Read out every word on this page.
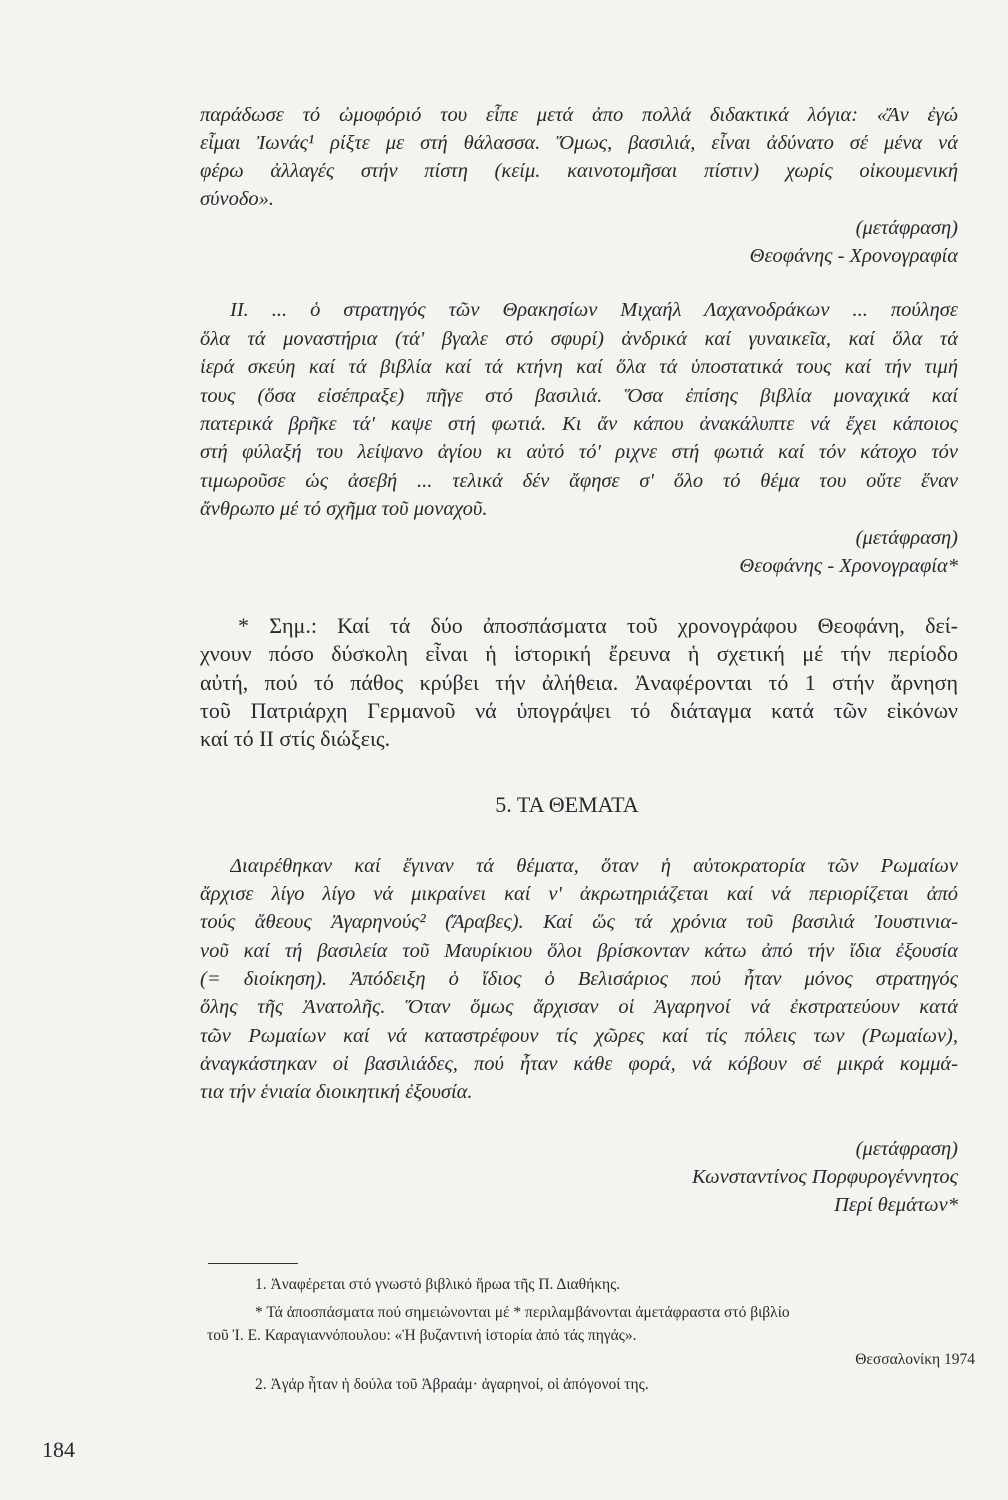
παράδωσε τό ὠμοφόριό του εἶπε μετά ἀπο πολλά διδακτικά λόγια: «Ἄν ἐγώ
εἶμαι Ἰωνάς¹ ρίξτε με στή θάλασσα. Ὅμως, βασιλιά, εἶναι ἀδύνατο σέ μένα νά
φέρω ἀλλαγές στήν πίστη (κείμ. καινοτομῆσαι πίστιν) χωρίς οἰκουμενική
σύνοδο».
(μετάφραση)
Θεοφάνης - Χρονογραφία
II. ... ὁ στρατηγός τῶν Θρακησίων Μιχαήλ Λαχανοδράκων ... πούλησε
ὅλα τά μοναστήρια (τά' βγαλε στό σφυρί) ἀνδρικά καί γυναικεῖα, καί ὅλα τά
ἱερά σκεύη καί τά βιβλία καί τά κτήνη καί ὅλα τά ὑποστατικά τους καί τήν τιμή
τους (ὅσα εἰσέπραξε) πῆγε στό βασιλιά. Ὅσα ἐπίσης βιβλία μοναχικά καί
πατερικά βρῆκε τά' καψε στή φωτιά. Κι ἄν κάπου ἀνακάλυπτε νά ἔχει κάποιος
στή φύλαξή του λείψανο ἁγίου κι αὐτό τό' ριχνε στή φωτιά καί τόν κάτοχο τόν
τιμωροῦσε ὡς ἀσεβή ... τελικά δέν ἄφησε σ' ὅλο τό θέμα του οὔτε ἕναν
ἄνθρωπο μέ τό σχῆμα τοῦ μοναχοῦ.
(μετάφραση)
Θεοφάνης - Χρονογραφία*
* Σημ.: Καί τά δύο ἀποσπάσματα τοῦ χρονογράφου Θεοφάνη, δεί-
χνουν πόσο δύσκολη εἶναι ἡ ἱστορική ἔρευνα ἡ σχετική μέ τήν περίοδο
αὐτή, πού τό πάθος κρύβει τήν ἀλήθεια. Ἀναφέρονται τό 1 στήν ἄρνηση
τοῦ Πατριάρχη Γερμανοῦ νά ὑπογράψει τό διάταγμα κατά τῶν εἰκόνων
καί τό II στίς διώξεις.
5. ΤΑ ΘΕΜΑΤΑ
Διαιρέθηκαν καί ἔγιναν τά θέματα, ὅταν ἡ αὐτοκρατορία τῶν Ρωμαίων
ἄρχισε λίγο λίγο νά μικραίνει καί ν' ἀκρωτηριάζεται καί νά περιορίζεται ἀπό
τούς ἄθεους Ἀγαρηνούς² (Ἄραβες). Καί ὥς τά χρόνια τοῦ βασιλιά Ἰουστινια-
νοῦ καί τή βασιλεία τοῦ Μαυρίκιου ὅλοι βρίσκονταν κάτω ἀπό τήν ἴδια ἐξουσία
(= διοίκηση). Ἀπόδειξη ὁ ἴδιος ὁ Βελισάριος πού ἦταν μόνος στρατηγός
ὅλης τῆς Ἀνατολῆς. Ὅταν ὅμως ἄρχισαν οἱ Ἀγαρηνοί νά ἐκστρατεύουν κατά
τῶν Ρωμαίων καί νά καταστρέφουν τίς χῶρες καί τίς πόλεις των (Ρωμαίων),
ἀναγκάστηκαν οἱ βασιλιάδες, πού ἦταν κάθε φορά, νά κόβουν σέ μικρά κομμά-
τια τήν ἑνιαία διοικητική ἐξουσία.
(μετάφραση)
Κωνσταντίνος Πορφυρογέννητος
Περί θεμάτων*
1. Ἀναφέρεται στό γνωστό βιβλικό ἥρωα τῆς Π. Διαθήκης.
* Τά ἀποσπάσματα πού σημειώνονται μέ * περιλαμβάνονται ἀμετάφραστα στό βιβλίο
τοῦ Ἰ. Ε. Καραγιαννόπουλου: «Ἡ βυζαντινή ἱστορία ἀπό τάς πηγάς».
Θεσσαλονίκη 1974
2. Ἀγάρ ἦταν ἡ δούλα τοῦ Ἀβραάμ· ἀγαρηνοί, οἱ ἀπόγονοί της.
184
